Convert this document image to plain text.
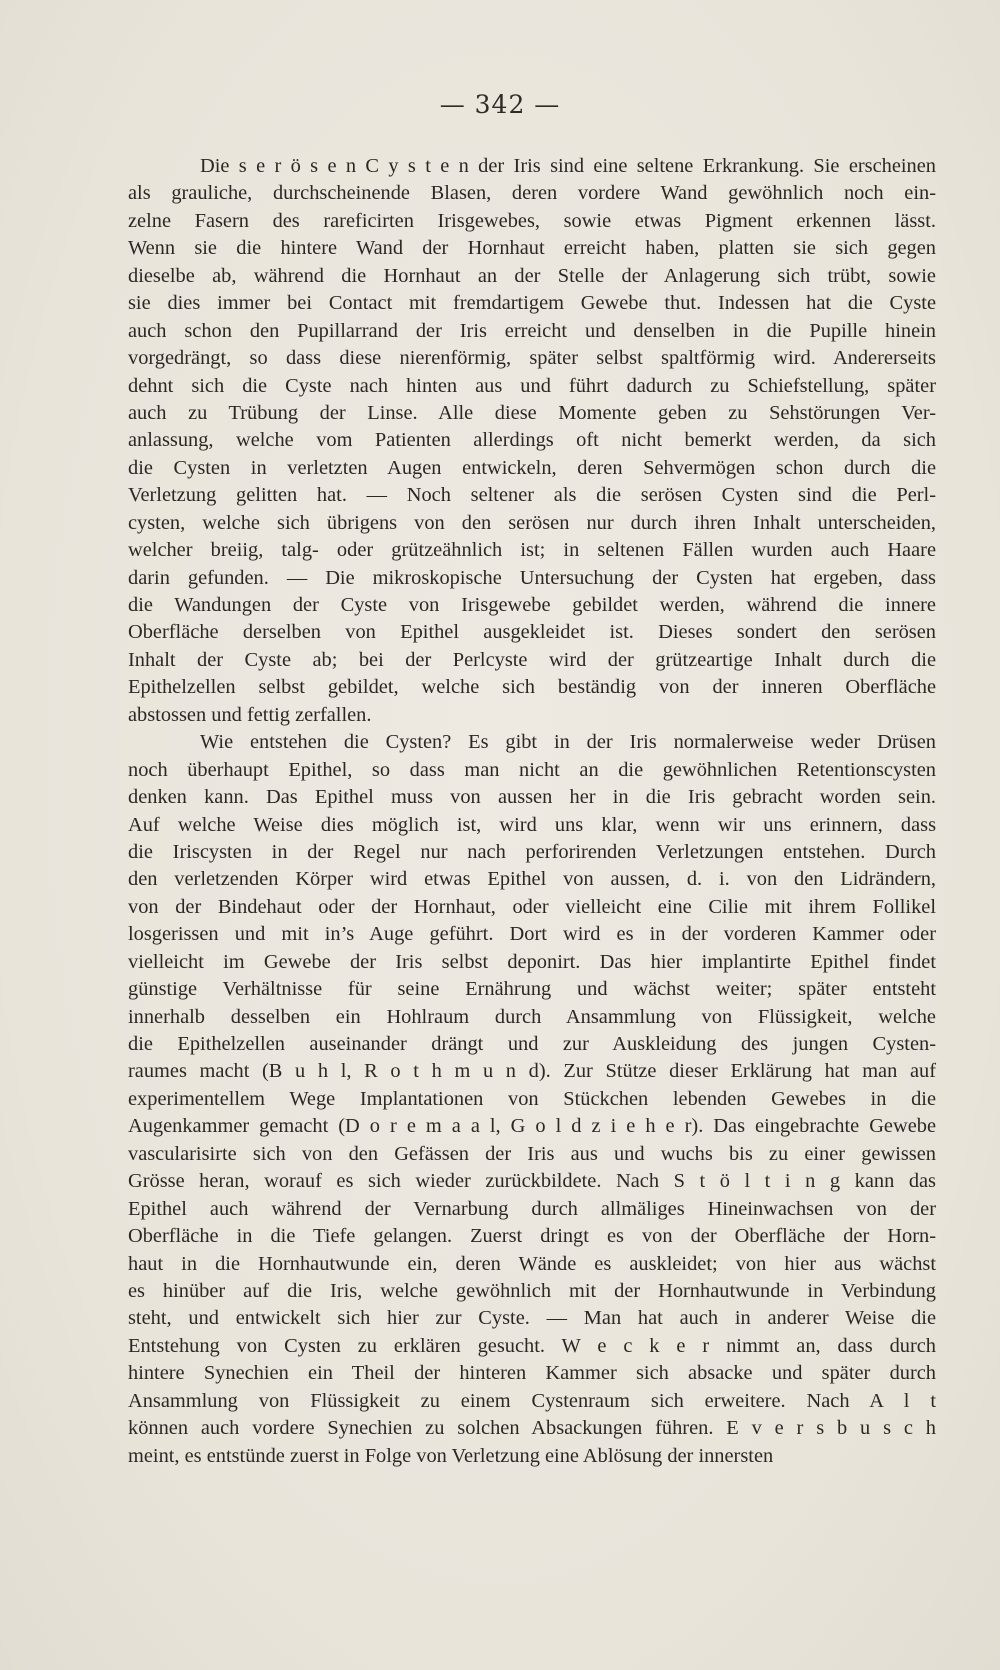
— 342 —
Die s e r ö s e n C y s t e n der Iris sind eine seltene Erkrankung. Sie erscheinen
als grauliche, durchscheinende Blasen, deren vordere Wand gewöhnlich noch ein-
zelne Fasern des rareficirten Irisgewebes, sowie etwas Pigment erkennen lässt.
Wenn sie die hintere Wand der Hornhaut erreicht haben, platten sie sich gegen
dieselbe ab, während die Hornhaut an der Stelle der Anlagerung sich trübt, sowie
sie dies immer bei Contact mit fremdartigem Gewebe thut. Indessen hat die Cyste
auch schon den Pupillarrand der Iris erreicht und denselben in die Pupille hinein
vorgedrängt, so dass diese nierenförmig, später selbst spaltförmig wird. Andererseits
dehnt sich die Cyste nach hinten aus und führt dadurch zu Schiefstellung, später
auch zu Trübung der Linse. Alle diese Momente geben zu Sehstörungen Ver-
anlassung, welche vom Patienten allerdings oft nicht bemerkt werden, da sich
die Cysten in verletzten Augen entwickeln, deren Sehvermögen schon durch die
Verletzung gelitten hat. — Noch seltener als die serösen Cysten sind die Perl-
cysten, welche sich übrigens von den serösen nur durch ihren Inhalt unterscheiden,
welcher breiig, talg- oder grützeähnlich ist; in seltenen Fällen wurden auch Haare
darin gefunden. — Die mikroskopische Untersuchung der Cysten hat ergeben, dass
die Wandungen der Cyste von Irisgewebe gebildet werden, während die innere
Oberfläche derselben von Epithel ausgekleidet ist. Dieses sondert den serösen
Inhalt der Cyste ab; bei der Perlcyste wird der grützeartige Inhalt durch die
Epithelzellen selbst gebildet, welche sich beständig von der inneren Oberfläche
abstossen und fettig zerfallen.
Wie entstehen die Cysten? Es gibt in der Iris normalerweise weder Drüsen
noch überhaupt Epithel, so dass man nicht an die gewöhnlichen Retentionscysten
denken kann. Das Epithel muss von aussen her in die Iris gebracht worden sein.
Auf welche Weise dies möglich ist, wird uns klar, wenn wir uns erinnern, dass
die Iriscysten in der Regel nur nach perforirenden Verletzungen entstehen. Durch
den verletzenden Körper wird etwas Epithel von aussen, d. i. von den Lidrändern,
von der Bindehaut oder der Hornhaut, oder vielleicht eine Cilie mit ihrem Follikel
losgerissen und mit in’s Auge geführt. Dort wird es in der vorderen Kammer oder
vielleicht im Gewebe der Iris selbst deponirt. Das hier implantirte Epithel findet
günstige Verhältnisse für seine Ernährung und wächst weiter; später entsteht
innerhalb desselben ein Hohlraum durch Ansammlung von Flüssigkeit, welche
die Epithelzellen auseinander drängt und zur Auskleidung des jungen Cysten-
raumes macht (B u h l, R o t h m u n d). Zur Stütze dieser Erklärung hat man auf
experimentellem Wege Implantationen von Stückchen lebenden Gewebes in die
Augenkammer gemacht (D o r e m a a l, G o l d z i e h e r). Das eingebrachte Gewebe
vascularisirte sich von den Gefässen der Iris aus und wuchs bis zu einer gewissen
Grösse heran, worauf es sich wieder zurückbildete. Nach S t ö l t i n g kann das
Epithel auch während der Vernarbung durch allmäliges Hineinwachsen von der
Oberfläche in die Tiefe gelangen. Zuerst dringt es von der Oberfläche der Horn-
haut in die Hornhautwunde ein, deren Wände es auskleidet; von hier aus wächst
es hinüber auf die Iris, welche gewöhnlich mit der Hornhautwunde in Verbindung
steht, und entwickelt sich hier zur Cyste. — Man hat auch in anderer Weise die
Entstehung von Cysten zu erklären gesucht. W e c k e r nimmt an, dass durch
hintere Synechien ein Theil der hinteren Kammer sich absacke und später durch
Ansammlung von Flüssigkeit zu einem Cystenraum sich erweitere. Nach A l t
können auch vordere Synechien zu solchen Absackungen führen. E v e r s b u s c h
meint, es entstünde zuerst in Folge von Verletzung eine Ablösung der innersten
